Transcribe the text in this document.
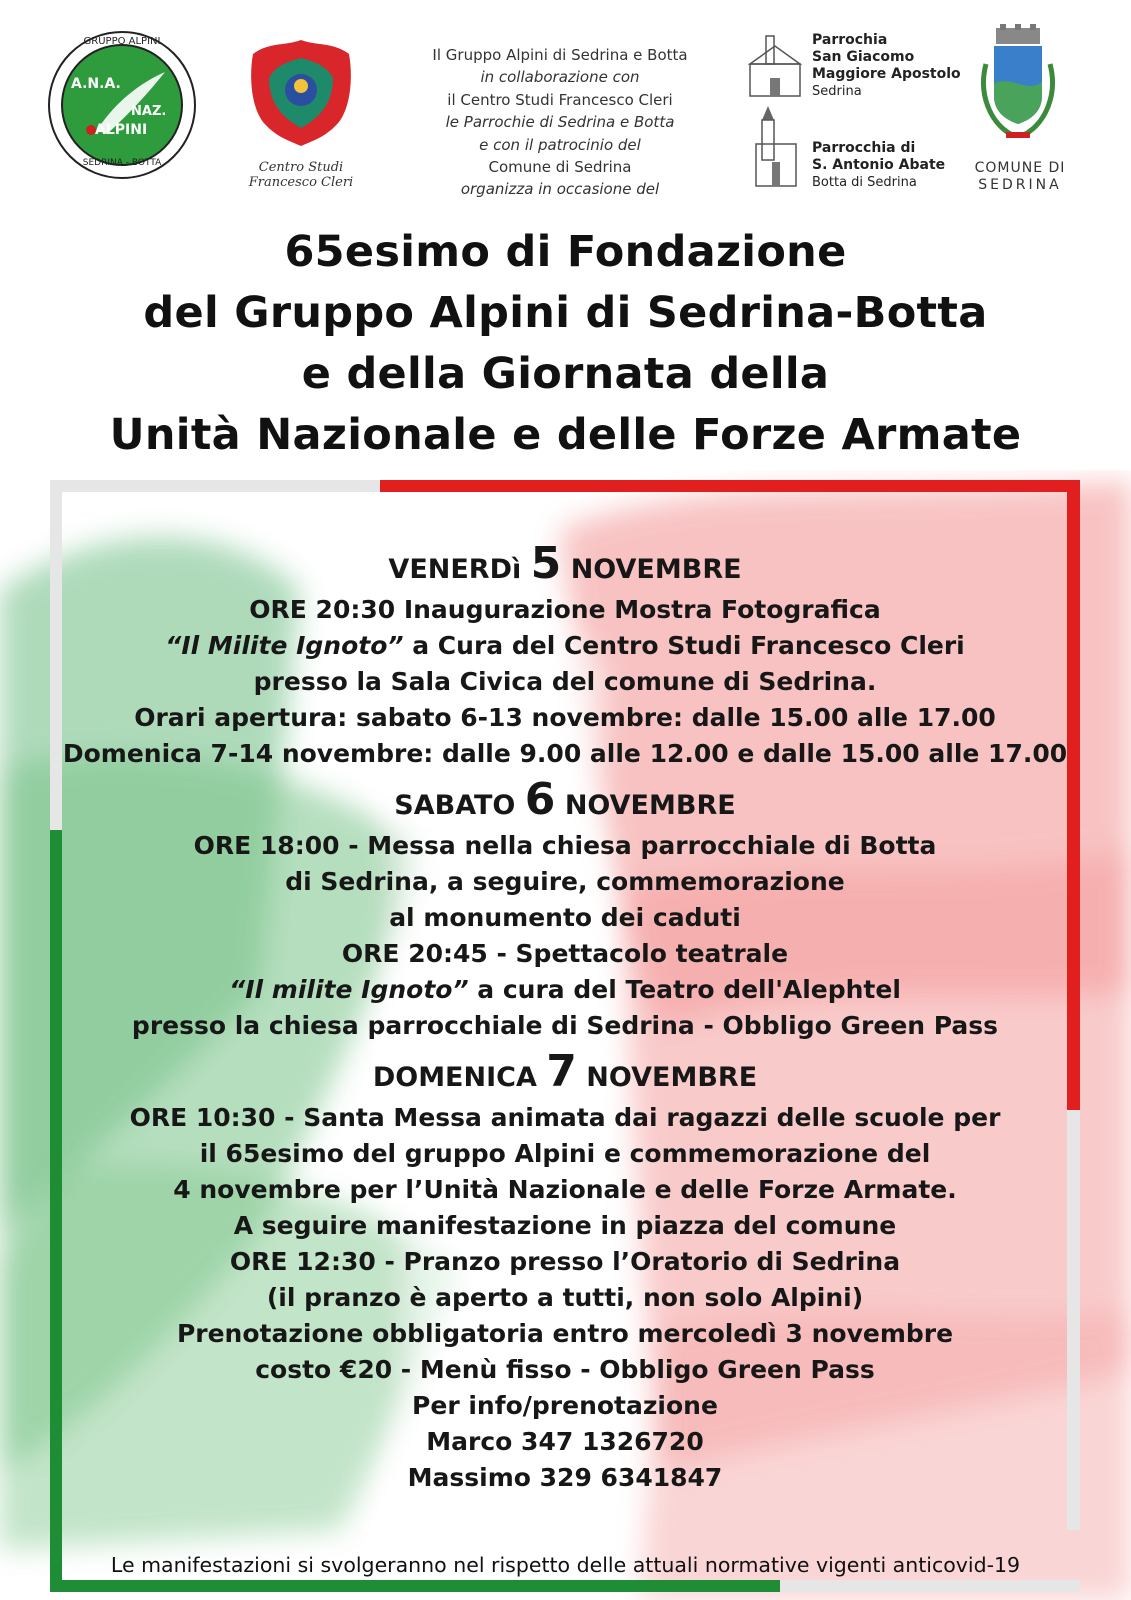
GRUPPO ALPINI
SEDRINA - BOTTA
A.N.A.
NAZ.
ALPINI
Centro Studi
Francesco Cleri
Il Gruppo Alpini di Sedrina e Botta
in collaborazione con
il Centro Studi Francesco Cleri
le Parrochie di Sedrina e Botta
e con il patrocinio del
Comune di Sedrina
organizza in occasione del
Parrochia
San Giacomo
Maggiore Apostolo
Sedrina
Parrocchia di
S. Antonio Abate
Botta di Sedrina
COMUNE DI
SEDRINA
65esimo di Fondazione
del Gruppo Alpini di Sedrina-Botta
e della Giornata della
Unità Nazionale e delle Forze Armate
VENERDì 5 NOVEMBRE
ORE 20:30 Inaugurazione Mostra Fotografica
“Il Milite Ignoto” a Cura del Centro Studi Francesco Cleri
presso la Sala Civica del comune di Sedrina.
Orari apertura: sabato 6-13 novembre: dalle 15.00 alle 17.00
Domenica 7-14 novembre: dalle 9.00 alle 12.00 e dalle 15.00 alle 17.00
SABATO 6 NOVEMBRE
ORE 18:00 - Messa nella chiesa parrocchiale di Botta
di Sedrina, a seguire, commemorazione
al monumento dei caduti
ORE 20:45 - Spettacolo teatrale
“Il milite Ignoto” a cura del Teatro dell'Alephtel
presso la chiesa parrocchiale di Sedrina - Obbligo Green Pass
DOMENICA 7 NOVEMBRE
ORE 10:30 - Santa Messa animata dai ragazzi delle scuole per
il 65esimo del gruppo Alpini e commemorazione del
4 novembre per l’Unità Nazionale e delle Forze Armate.
A seguire manifestazione in piazza del comune
ORE 12:30 - Pranzo presso l’Oratorio di Sedrina
(il pranzo è aperto a tutti, non solo Alpini)
Prenotazione obbligatoria entro mercoledì 3 novembre
costo €20 - Menù fisso - Obbligo Green Pass
Per info/prenotazione
Marco 347 1326720
Massimo 329 6341847
Le manifestazioni si svolgeranno nel rispetto delle attuali normative vigenti anticovid-19
